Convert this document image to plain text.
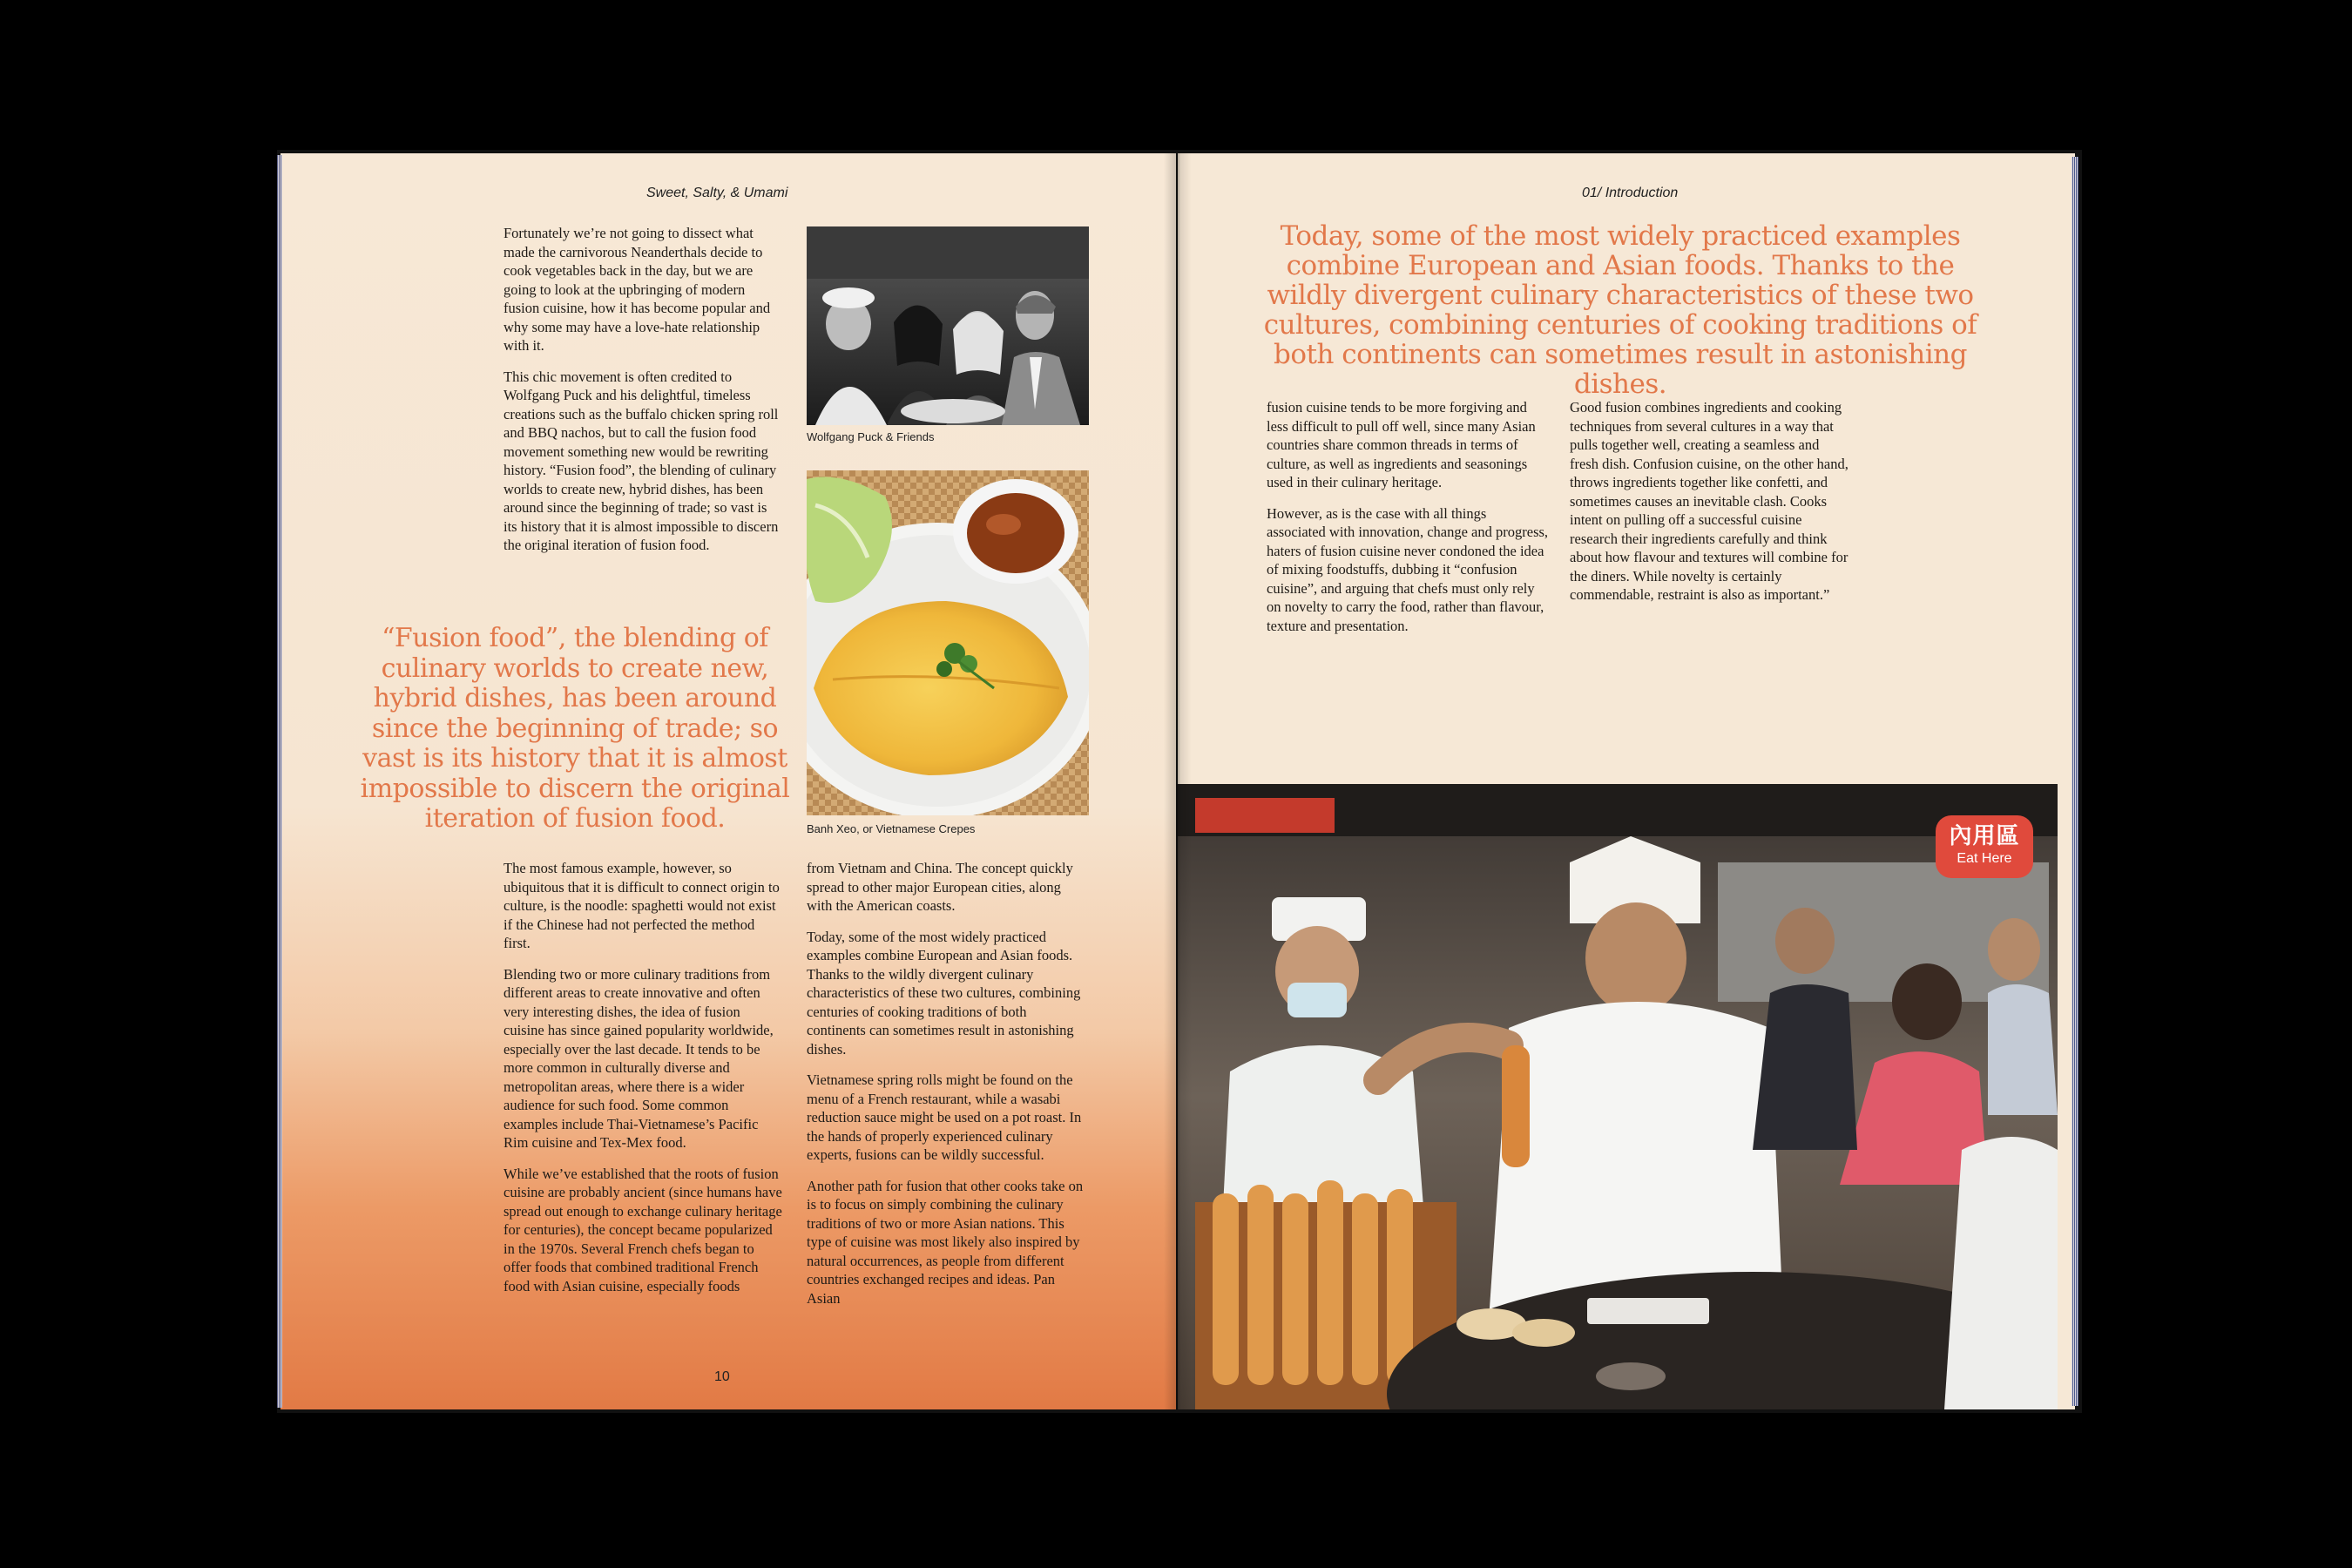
Sweet, Salty, & Umami

Fortunately we’re not going to dissect what made the carnivorous Neanderthals decide to cook vegetables back in the day, but we are going to look at the upbringing of modern fusion cuisine, how it has become popular and why some may have a love-hate relationship with it.

This chic movement is often credited to Wolfgang Puck and his delightful, timeless creations such as the buffalo chicken spring roll and BBQ nachos, but to call the fusion food movement something new would be rewriting history. “Fusion food”, the blending of culinary worlds to create new, hybrid dishes, has been around since the beginning of trade; so vast is its history that it is almost impossible to discern the original iteration of fusion food.

“Fusion food”, the blending of culinary worlds to create new, hybrid dishes, has been around since the beginning of trade; so vast is its history that it is almost impossible to discern the original iteration of fusion food.

The most famous example, however, so ubiquitous that it is difficult to connect origin to culture, is the noodle: spaghetti would not exist if the Chinese had not perfected the method first.

Blending two or more culinary traditions from different areas to create innovative and often very interesting dishes, the idea of fusion cuisine has since gained popularity worldwide, especially over the last decade. It tends to be more common in culturally diverse and metropolitan areas, where there is a wider audience for such food. Some common examples include Thai-Vietnamese’s Pacific Rim cuisine and Tex-Mex food.

While we’ve established that the roots of fusion cuisine are probably ancient (since humans have spread out enough to exchange culinary heritage for centuries), the concept became popularized in the 1970s. Several French chefs began to offer foods that combined traditional French food with Asian cuisine, especially foods

from Vietnam and China. The concept quickly spread to other major European cities, along with the American coasts.

Today, some of the most widely practiced examples combine European and Asian foods. Thanks to the wildly divergent culinary characteristics of these two cultures, combining centuries of cooking traditions of both continents can sometimes result in astonishing dishes.

Vietnamese spring rolls might be found on the menu of a French restaurant, while a wasabi reduction sauce might be used on a pot roast. In the hands of properly experienced culinary experts, fusions can be wildly successful.

Another path for fusion that other cooks take on is to focus on simply combining the culinary traditions of two or more Asian nations. This type of cuisine was most likely also inspired by natural occurrences, as people from different countries exchanged recipes and ideas. Pan Asian

Wolfgang Puck & Friends
Banh Xeo, or Vietnamese Crepes
10
01/ Introduction
Today, some of the most widely practiced examples combine European and Asian foods. Thanks to the wildly divergent culinary characteristics of these two cultures, combining centuries of cooking traditions of both continents can sometimes result in astonishing dishes.

fusion cuisine tends to be more forgiving and less difficult to pull off well, since many Asian countries share common threads in terms of culture, as well as ingredients and seasonings used in their culinary heritage.

However, as is the case with all things associated with innovation, change and progress, haters of fusion cuisine never condoned the idea of mixing foodstuffs, dubbing it “confusion cuisine”, and arguing that chefs must only rely on novelty to carry the food, rather than flavour, texture and presentation.

Good fusion combines ingredients and cooking techniques from several cultures in a way that pulls together well, creating a seamless and fresh dish. Confusion cuisine, on the other hand, throws ingredients together like confetti, and sometimes causes an inevitable clash. Cooks intent on pulling off a successful cuisine research their ingredients carefully and think about how flavour and textures will combine for the diners. While novelty is certainly commendable, restraint is also as important.”

內用區
Eat Here
